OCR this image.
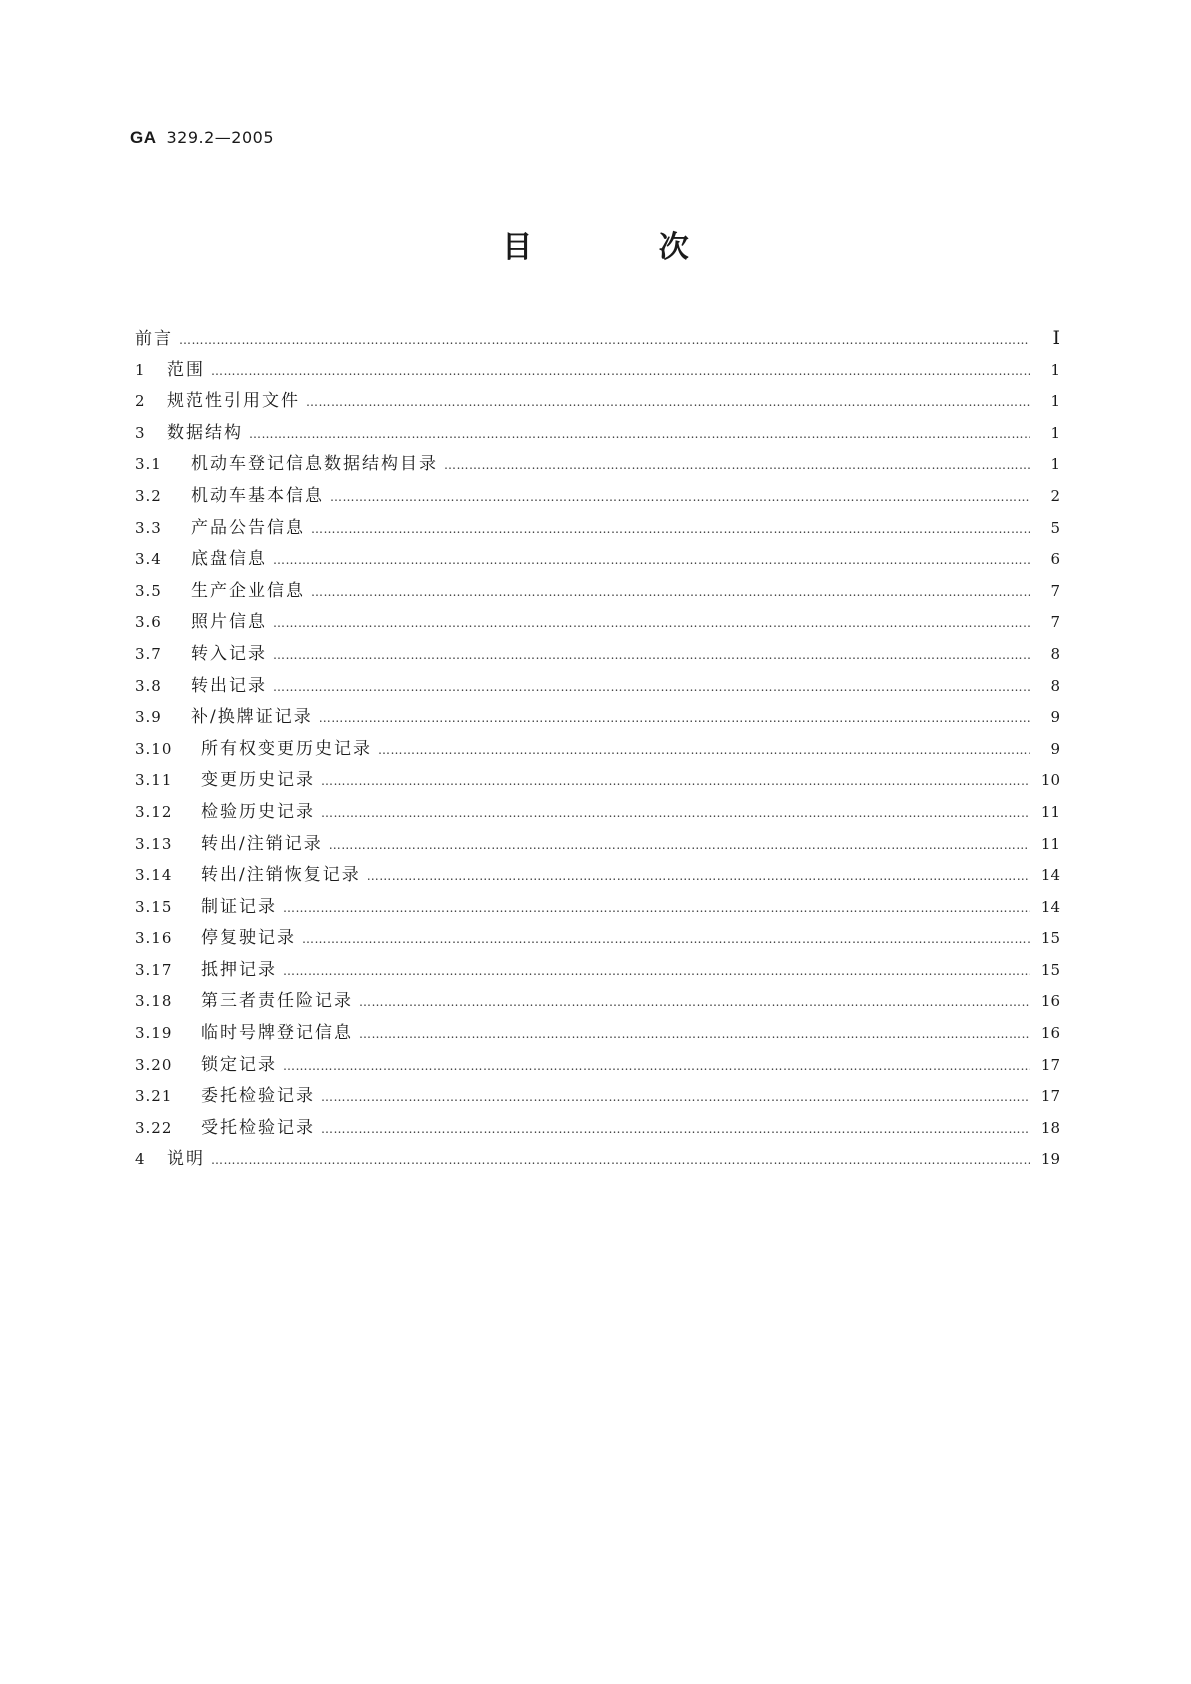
GA 329.2—2005
目 次
前言 ……………………………………………………………………………………………………………………………………………………………………………………………………………………	Ⅰ
1	范围 ……………………………………………………………………………………………………………………………………………………………………………………………………………………	1
2	规范性引用文件 ……………………………………………………………………………………………………………………………………………………………………………………………………………………	1
3	数据结构 ……………………………………………………………………………………………………………………………………………………………………………………………………………………	1
3.1	机动车登记信息数据结构目录 ……………………………………………………………………………………………………………………………………………………………………………………………………………………	1
3.2	机动车基本信息 ……………………………………………………………………………………………………………………………………………………………………………………………………………………	2
3.3	产品公告信息 ……………………………………………………………………………………………………………………………………………………………………………………………………………………	5
3.4	底盘信息 ……………………………………………………………………………………………………………………………………………………………………………………………………………………	6
3.5	生产企业信息 ……………………………………………………………………………………………………………………………………………………………………………………………………………………	7
3.6	照片信息 ……………………………………………………………………………………………………………………………………………………………………………………………………………………	7
3.7	转入记录 ……………………………………………………………………………………………………………………………………………………………………………………………………………………	8
3.8	转出记录 ……………………………………………………………………………………………………………………………………………………………………………………………………………………	8
3.9	补/换牌证记录 ……………………………………………………………………………………………………………………………………………………………………………………………………………………	9
3.10	所有权变更历史记录 ……………………………………………………………………………………………………………………………………………………………………………………………………………………	9
3.11	变更历史记录 ……………………………………………………………………………………………………………………………………………………………………………………………………………………	10
3.12	检验历史记录 ……………………………………………………………………………………………………………………………………………………………………………………………………………………	11
3.13	转出/注销记录 ……………………………………………………………………………………………………………………………………………………………………………………………………………………	11
3.14	转出/注销恢复记录 ……………………………………………………………………………………………………………………………………………………………………………………………………………………	14
3.15	制证记录 ……………………………………………………………………………………………………………………………………………………………………………………………………………………	14
3.16	停复驶记录 ……………………………………………………………………………………………………………………………………………………………………………………………………………………	15
3.17	抵押记录 ……………………………………………………………………………………………………………………………………………………………………………………………………………………	15
3.18	第三者责任险记录 ……………………………………………………………………………………………………………………………………………………………………………………………………………………	16
3.19	临时号牌登记信息 ……………………………………………………………………………………………………………………………………………………………………………………………………………………	16
3.20	锁定记录 ……………………………………………………………………………………………………………………………………………………………………………………………………………………	17
3.21	委托检验记录 ……………………………………………………………………………………………………………………………………………………………………………………………………………………	17
3.22	受托检验记录 ……………………………………………………………………………………………………………………………………………………………………………………………………………………	18
4	说明 ……………………………………………………………………………………………………………………………………………………………………………………………………………………	19
